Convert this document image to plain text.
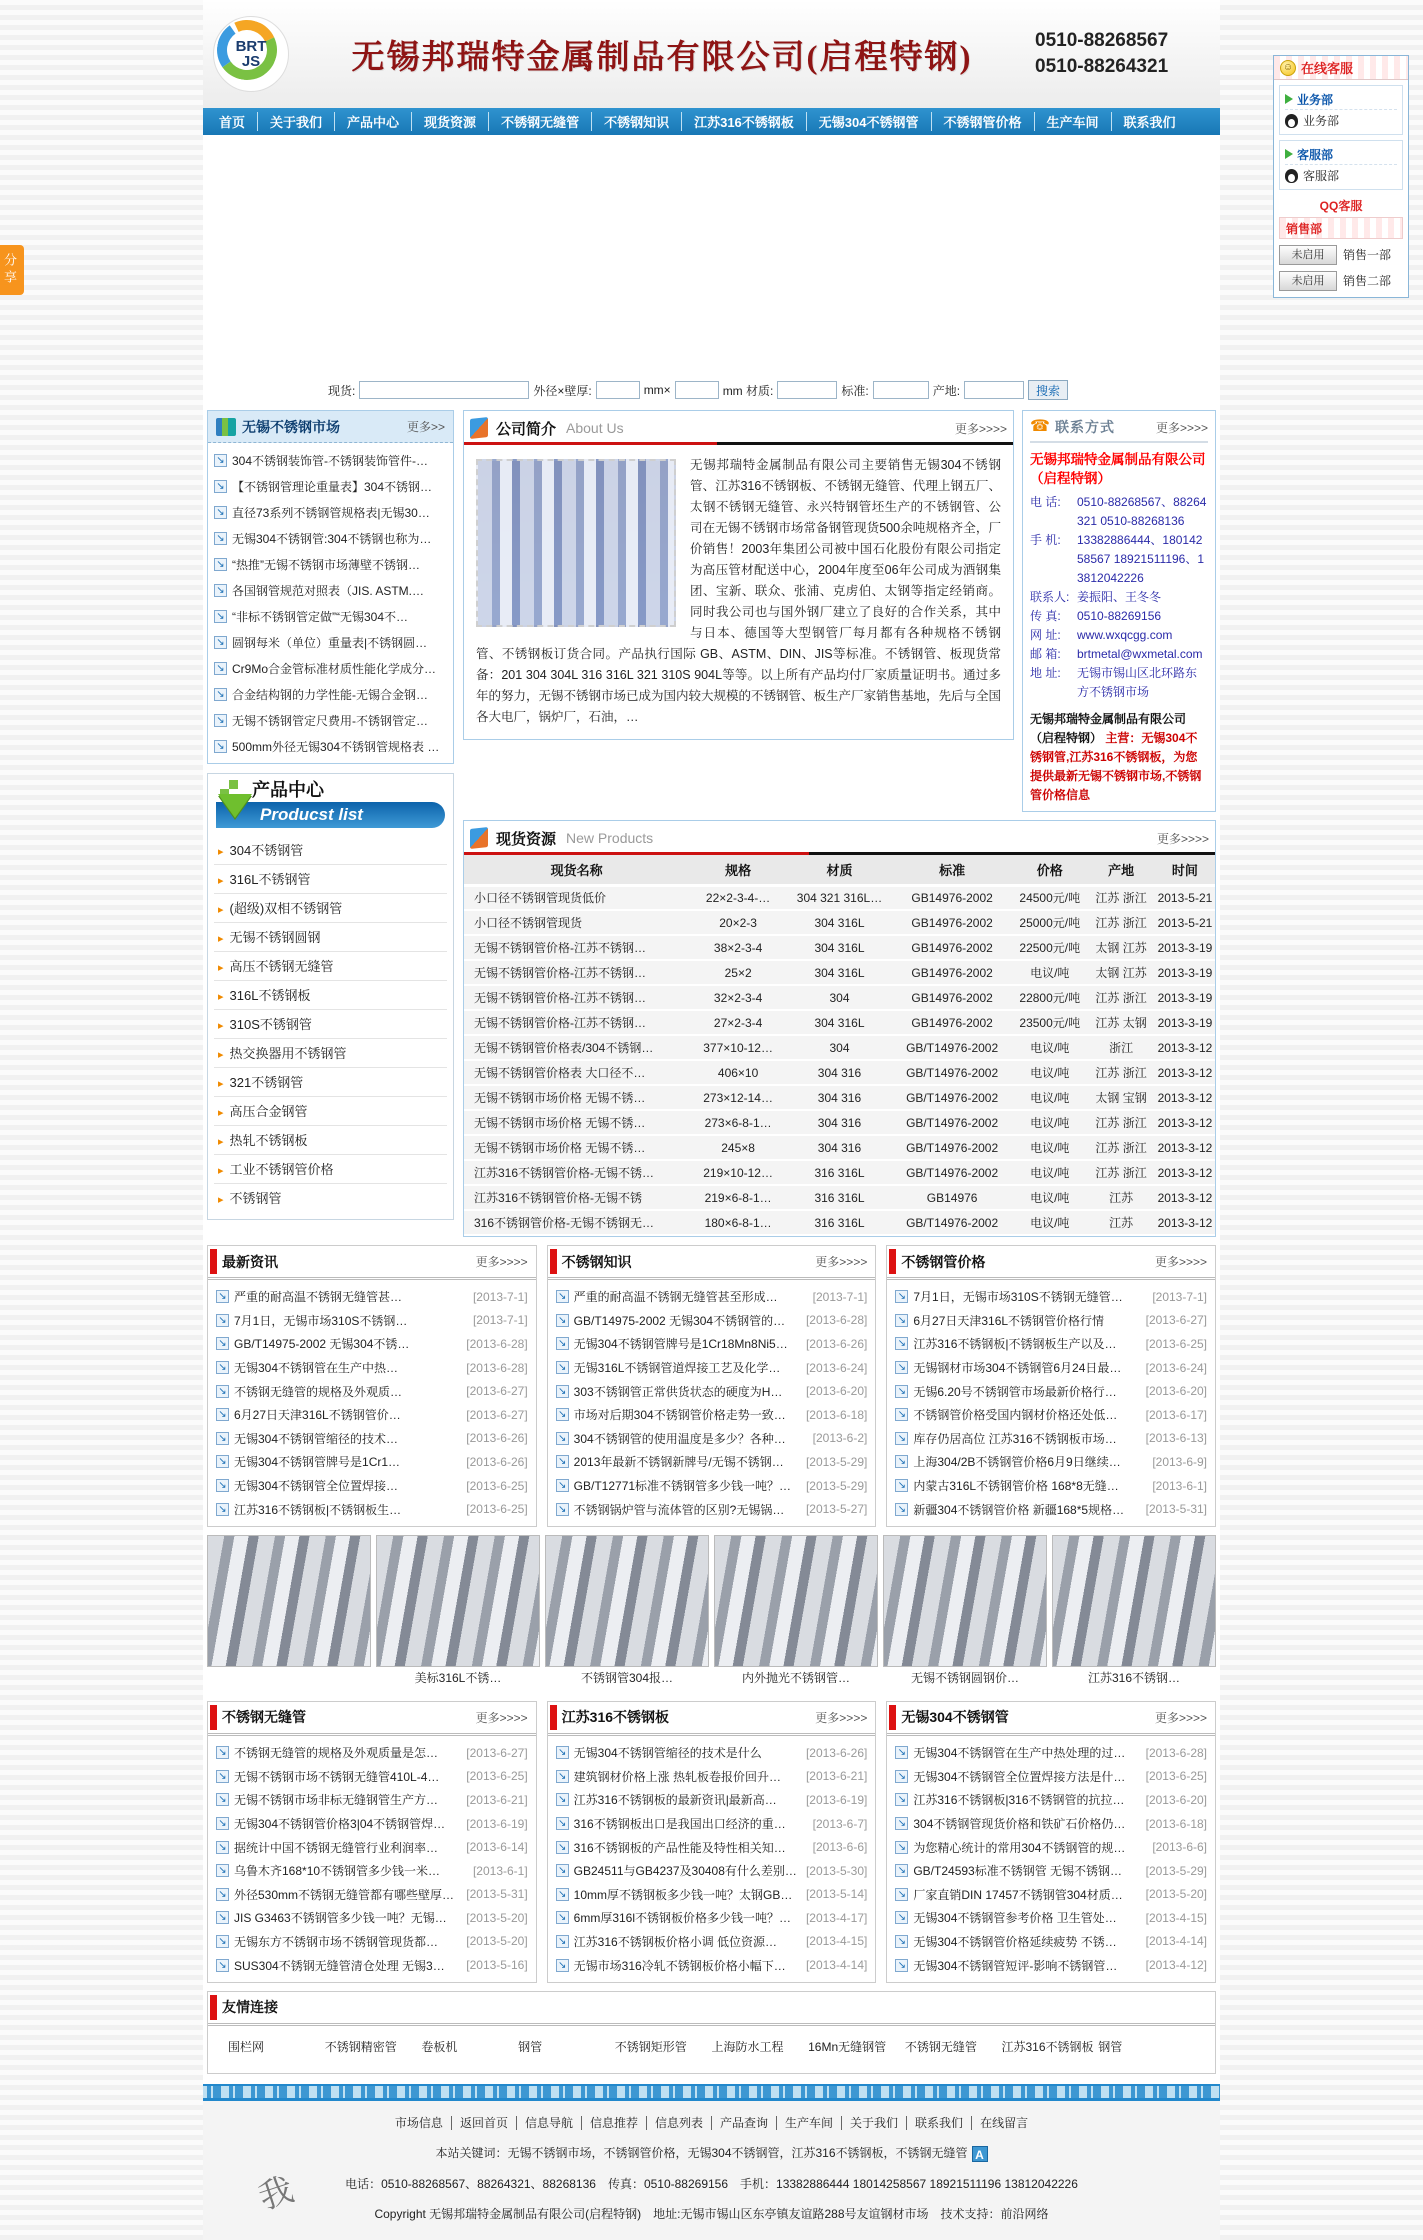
分享
BRT
JS	无锡邦瑞特金属制品有限公司(启程特钢)	0510-88268567
0510-88264321
首页	关于我们	产品中心	现货资源	不锈钢无缝管	不锈钢知识	江苏316不锈钢板	无锡304不锈钢管	不锈钢管价格	生产车间	联系我们
现货:	外径×壁厚:	mm×	mm 材质:	标准:	产地:	搜索
无锡不锈钢市场	更多>>
↘ 304不锈钢装饰管-不锈钢装饰管件-…
↘ 【不锈钢管理论重量表】304不锈钢…
↘ 直径73系列不锈钢管规格表|无锡30…
↘ 无锡304不锈钢管:304不锈钢也称为…
↘ “热推”无锡不锈钢市场薄壁不锈钢…
↘ 各国钢管规范对照表（JIS. ASTM.…
↘ “非标不锈钢管定做”“无锡304不…
↘ 圆钢每米（单位）重量表|不锈钢圆…
↘ Cr9Mo合金管标准材质性能化学成分…
↘ 合金结构钢的力学性能-无锡合金钢…
↘ 无锡不锈钢管定尺费用-不锈钢管定…
↘ 500mm外径无锡304不锈钢管规格表 …
产品中心
Producst list
▸ 304不锈钢管
▸ 316L不锈钢管
▸ (超级)双相不锈钢管
▸ 无锡不锈钢圆钢
▸ 高压不锈钢无缝管
▸ 316L不锈钢板
▸ 310S不锈钢管
▸ 热交换器用不锈钢管
▸ 321不锈钢管
▸ 高压合金钢管
▸ 热轧不锈钢板
▸ 工业不锈钢管价格
▸ 不锈钢管
公司简介 About Us	更多>>>>
无锡邦瑞特金属制品有限公司主要销售无锡304不锈钢管、江苏316不锈钢板、不锈钢无缝管、代理上钢五厂、太钢不锈钢无缝管、永兴特钢管坯生产的不锈钢管、公司在无锡不锈钢市场常备钢管现货500余吨规格齐全，厂价销售！2003年集团公司被中国石化股份有限公司指定为高压管材配送中心，2004年度至06年公司成为酒钢集团、宝新、联众、张浦、克虏伯、太钢等指定经销商。同时我公司也与国外钢厂建立了良好的合作关系，其中与日本、德国等大型钢管厂每月都有各种规格不锈钢管、不锈钢板订货合同。产品执行国际 GB、ASTM、DIN、JIS等标准。不锈钢管、板现货常备：201 304 304L 316 316L 321 310S 904L等等。以上所有产品均付厂家质量证明书。通过多年的努力，无锡不锈钢市场已成为国内较大规模的不锈钢管、板生产厂家销售基地，先后与全国各大电厂，锅炉厂，石油，…
☎ 联系方式	更多>>>>
无锡邦瑞特金属制品有限公司（启程特钢）
电 话:	0510-88268567、88264321 0510-88268136
手 机:	13382886444、18014258567 18921511196、13812042226
联系人: 姜振阳、王冬冬
传 真:	0510-88269156
网 址:	www.wxqcgg.com
邮 箱:	brtmetal@wxmetal.com
地 址:	无锡市锡山区北环路东方不锈钢市场
无锡邦瑞特金属制品有限公司（启程特钢） 主营：无锡304不锈钢管,江苏316不锈钢板，为您提供最新无锡不锈钢市场,不锈钢管价格信息
现货资源 New Products	更多>>>>
现货名称	规格	材质	标准	价格	产地	时间
小口径不锈钢管现货低价	22×2-3-4-…	304 321 316L…	GB14976-2002	24500元/吨	江苏 浙江	2013-5-21
小口径不锈钢管现货	20×2-3	304 316L	GB14976-2002	25000元/吨	江苏 浙江	2013-5-21
无锡不锈钢管价格-江苏不锈钢…	38×2-3-4	304 316L	GB14976-2002	22500元/吨	太钢 江苏	2013-3-19
无锡不锈钢管价格-江苏不锈钢…	25×2	304 316L	GB14976-2002	电议/吨	太钢 江苏	2013-3-19
无锡不锈钢管价格-江苏不锈钢…	32×2-3-4	304	GB14976-2002	22800元/吨	江苏 浙江	2013-3-19
无锡不锈钢管价格-江苏不锈钢…	27×2-3-4	304 316L	GB14976-2002	23500元/吨	江苏 太钢	2013-3-19
无锡不锈钢管价格表/304不锈钢…	377×10-12…	304	GB/T14976-2002	电议/吨	浙江	2013-3-12
无锡不锈钢管价格表 大口径不…	406×10	304 316	GB/T14976-2002	电议/吨	江苏 浙江	2013-3-12
无锡不锈钢市场价格 无锡不锈…	273×12-14…	304 316	GB/T14976-2002	电议/吨	太钢 宝钢	2013-3-12
无锡不锈钢市场价格 无锡不锈…	273×6-8-1…	304 316	GB/T14976-2002	电议/吨	江苏 浙江	2013-3-12
无锡不锈钢市场价格 无锡不锈…	245×8	304 316	GB/T14976-2002	电议/吨	江苏 浙江	2013-3-12
江苏316不锈钢管价格-无锡不锈…	219×10-12…	316 316L	GB/T14976-2002	电议/吨	江苏 浙江	2013-3-12
江苏316不锈钢管价格-无锡不锈	219×6-8-1…	316 316L	GB14976	电议/吨	江苏	2013-3-12
316不锈钢管价格-无锡不锈钢无…	180×6-8-1…	316 316L	GB/T14976-2002	电议/吨	江苏	2013-3-12
最新资讯	更多>>>>
↘ 严重的耐高温不锈钢无缝管甚…	[2013-7-1]
↘ 7月1日，无锡市场310S不锈钢…	[2013-7-1]
↘ GB/T14975-2002 无锡304不锈…	[2013-6-28]
↘ 无锡304不锈钢管在生产中热…	[2013-6-28]
↘ 不锈钢无缝管的规格及外观质…	[2013-6-27]
↘ 6月27日天津316L不锈钢管价…	[2013-6-27]
↘ 无锡304不锈钢管缩径的技术…	[2013-6-26]
↘ 无锡304不锈钢管牌号是1Cr1…	[2013-6-26]
↘ 无锡304不锈钢管全位置焊接…	[2013-6-25]
↘ 江苏316不锈钢板|不锈钢板生…	[2013-6-25]
不锈钢知识	更多>>>>
↘ 严重的耐高温不锈钢无缝管甚至形成…	[2013-7-1]
↘ GB/T14975-2002 无锡304不锈钢管的…	[2013-6-28]
↘ 无锡304不锈钢管牌号是1Cr18Mn8Ni5…	[2013-6-26]
↘ 无锡316L不锈钢管道焊接工艺及化学…	[2013-6-24]
↘ 303不锈钢管正常供货状态的硬度为H…	[2013-6-20]
↘ 市场对后期304不锈钢管价格走势一致…	[2013-6-18]
↘ 304不锈钢管的使用温度是多少？各种…	[2013-6-2]
↘ 2013年最新不锈钢新牌号/无锡不锈钢…	[2013-5-29]
↘ GB/T12771标准不锈钢管多少钱一吨？…	[2013-5-29]
↘ 不锈钢锅炉管与流体管的区别?无锡锅…	[2013-5-27]
不锈钢管价格	更多>>>>
↘ 7月1日，无锡市场310S不锈钢无缝管…	[2013-7-1]
↘ 6月27日天津316L不锈钢管价格行情	[2013-6-27]
↘ 江苏316不锈钢板|不锈钢板生产以及…	[2013-6-25]
↘ 无锡钢材市场304不锈钢管6月24日最…	[2013-6-24]
↘ 无锡6.20号不锈钢管市场最新价格行…	[2013-6-20]
↘ 不锈钢管价格受国内钢材价格还处低…	[2013-6-17]
↘ 库存仍居高位 江苏316不锈钢板市场…	[2013-6-13]
↘ 上海304/2B不锈钢管价格6月9日继续…	[2013-6-9]
↘ 内蒙古316L不锈钢管价格 168*8无缝…	[2013-6-1]
↘ 新疆304不锈钢管价格 新疆168*5规格…	[2013-5-31]
美标316L不锈…	不锈钢管304报…	内外抛光不锈钢管…	无锡不锈钢圆钢价…	江苏316不锈钢…
不锈钢无缝管	更多>>>>
↘ 不锈钢无缝管的规格及外观质量是怎…	[2013-6-27]
↘ 无锡不锈钢市场不锈钢无缝管410L-4…	[2013-6-25]
↘ 无锡不锈钢市场非标无缝钢管生产方…	[2013-6-21]
↘ 无锡304不锈钢管价格3|04不锈钢管焊…	[2013-6-19]
↘ 据统计中国不锈钢无缝管行业利润率…	[2013-6-14]
↘ 乌鲁木齐168*10不锈钢管多少钱一米…	[2013-6-1]
↘ 外径530mm不锈钢无缝管都有哪些壁厚…	[2013-5-31]
↘ JIS G3463不锈钢管多少钱一吨？无锡…	[2013-5-20]
↘ 无锡东方不锈钢市场不锈钢管现货都…	[2013-5-20]
↘ SUS304不锈钢无缝管清仓处理 无锡3…	[2013-5-16]
江苏316不锈钢板	更多>>>>
↘ 无锡304不锈钢管缩径的技术是什么	[2013-6-26]
↘ 建筑钢材价格上涨 热轧板卷报价回升…	[2013-6-21]
↘ 江苏316不锈钢板的最新资讯|最新高…	[2013-6-19]
↘ 316不锈钢板出口是我国出口经济的重…	[2013-6-7]
↘ 316不锈钢板的产品性能及特性相关知…	[2013-6-6]
↘ GB24511与GB4237及30408有什么差别… [2013-5-30]
↘ 10mm厚不锈钢板多少钱一吨？太钢GB…	[2013-5-14]
↘ 6mm厚316l不锈钢板价格多少钱一吨？…	[2013-4-17]
↘ 江苏316不锈钢板价格小调 低位资源…	[2013-4-15]
↘ 无锡市场316冷轧不锈钢板价格小幅下…	[2013-4-14]
无锡304不锈钢管	更多>>>>
↘ 无锡304不锈钢管在生产中热处理的过…	[2013-6-28]
↘ 无锡304不锈钢管全位置焊接方法是什…	[2013-6-25]
↘ 江苏316不锈钢板|316不锈钢管的抗拉…	[2013-6-20]
↘ 304不锈钢管现货价格和铁矿石价格仍…	[2013-6-18]
↘ 为您精心统计的常用304不锈钢管的规…	[2013-6-6]
↘ GB/T24593标准不锈钢管 无锡不锈钢…	[2013-5-29]
↘ 厂家直销DIN 17457不锈钢管304材质…	[2013-5-20]
↘ 无锡304不锈钢管参考价格 卫生管处…	[2013-4-15]
↘ 无锡304不锈钢管价格延续疲势 不锈…	[2013-4-14]
↘ 无锡304不锈钢管短评-影响不锈钢管…	[2013-4-12]
友情连接
围栏网	不锈钢精密管	卷板机	钢管	不锈钢矩形管	上海防水工程	16Mn无缝钢管	不锈钢无缝管	江苏316不锈钢板 钢管
我
市场信息 返回首页 信息导航 信息推荐 信息列表 产品查询 生产车间 关于我们 联系我们 在线留言
本站关键词：无锡不锈钢市场，不锈钢管价格，无锡304不锈钢管，江苏316不锈钢板，不锈钢无缝管 A
电话：0510-88268567、88264321、88268136　传真：0510-88269156　手机：13382886444 18014258567 18921511196 13812042226
Copyright 无锡邦瑞特金属制品有限公司(启程特钢)　地址:无锡市锡山区东亭镇友谊路288号友谊钢材市场　技术支持：前沿网络
☺ 在线客服
业务部
业务部
客服部
客服部
QQ客服
销售部
未启用	销售一部
未启用	销售二部
